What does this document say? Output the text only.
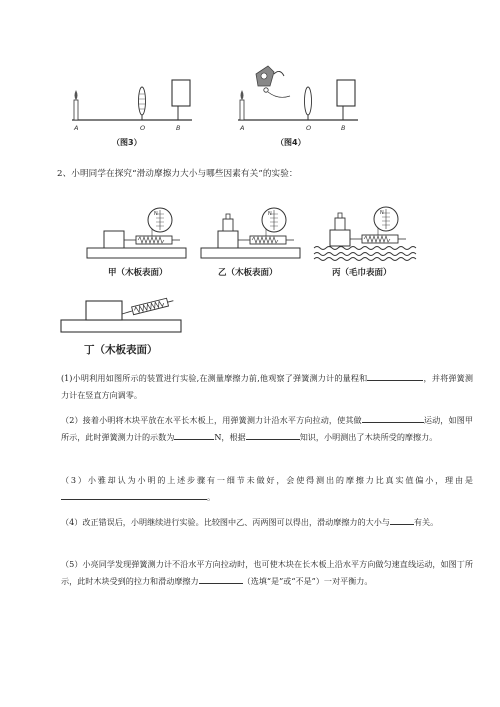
A	O	B
（图3）
A	O	B
（图4）
2、小明同学在探究“滑动摩擦力大小与哪些因素有关”的实验：
N
甲（木板表面）
N
乙（木板表面）
N
丙（毛巾表面）
丁（木板表面）
(1)小明利用如图所示的装置进行实验,在测量摩擦力前,他观察了弹簧测力计的量程和	，并将弹簧测力计在竖直方向调零。
（2）接着小明将木块平放在水平长木板上，用弹簧测力计沿水平方向拉动，使其做	运动，如图甲所示，此时弹簧测力计的示数为	N，根据	知识，小明测出了木块所受的摩擦力。
（3）小雅却认为小明的上述步骤有一细节未做好，会使得测出的摩擦力比真实值偏小，理由是。
（4）改正错误后，小明继续进行实验。比较图中乙、丙两图可以得出，滑动摩擦力的大小与	有关。
（5）小亮同学发现弹簧测力计不沿水平方向拉动时，也可使木块在长木板上沿水平方向做匀速直线运动，如图丁所示，此时木块受到的拉力和滑动摩擦力	（选填“是”或“不是”）一对平衡力。
